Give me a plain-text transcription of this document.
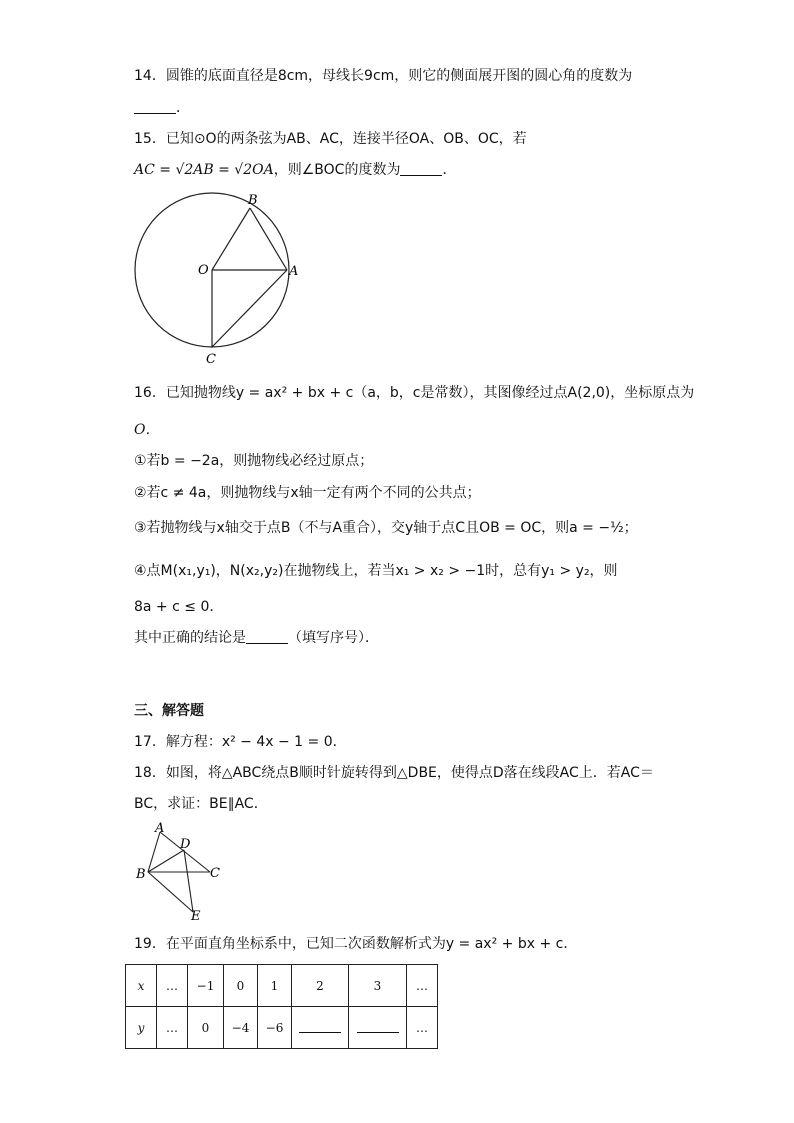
14．圆锥的底面直径是8cm，母线长9cm，则它的侧面展开图的圆心角的度数为
．
15．已知⊙O的两条弦为AB、AC，连接半径OA、OB、OC，若
AC = √2AB = √2OA，则∠BOC的度数为	．
B
O	A
C
16．已知抛物线y = ax² + bx + c（a，b，c是常数），其图像经过点A(2,0)，坐标原点为
O．
①若b = −2a，则抛物线必经过原点；
②若c ≠ 4a，则抛物线与x轴一定有两个不同的公共点；
③若抛物线与x轴交于点B（不与A重合），交y轴于点C且OB = OC，则a = −½；
④点M(x₁,y₁)，N(x₂,y₂)在抛物线上，若当x₁ > x₂ > −1时，总有y₁ > y₂，则
8a + c ≤ 0．
其中正确的结论是	（填写序号）．
三、解答题
17．解方程：x² − 4x − 1 = 0．
18．如图，将△ABC绕点B顺时针旋转得到△DBE，使得点D落在线段AC上．若AC＝
BC，求证：BE∥AC．
A
D
B	C
E
19．在平面直角坐标系中，已知二次函数解析式为y = ax² + bx + c．
x	…	−1	0	1	2	3	…
y	…	0	−4	−6			…
